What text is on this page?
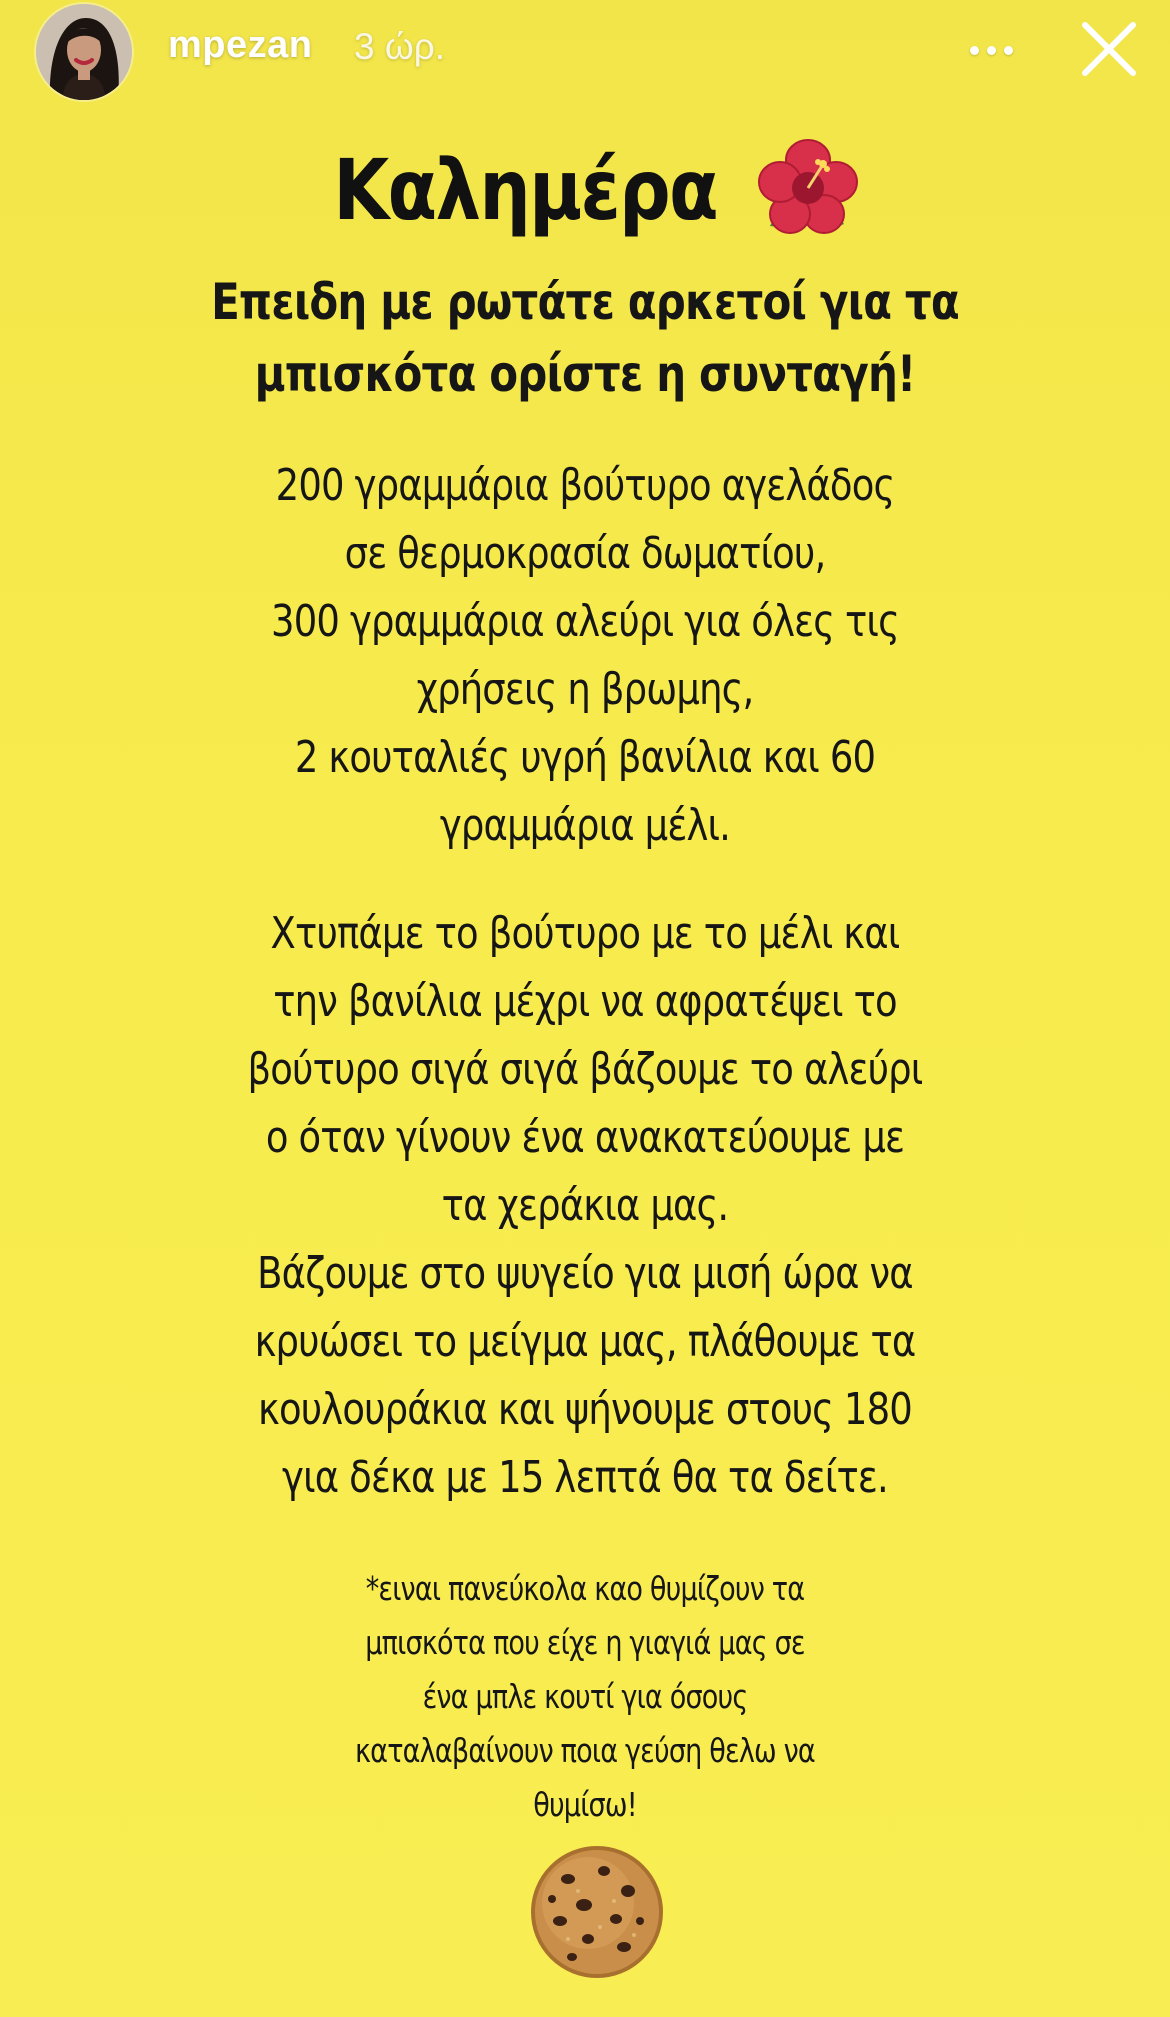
mpezan 3 ώρ.
Καλημέρα
Επειδη με ρωτάτε αρκετοί για τα
μπισκότα ορίστε η συνταγή!
200 γραμμάρια βούτυρο αγελάδος
σε θερμοκρασία δωματίου,
300 γραμμάρια αλεύρι για όλες τις
χρήσεις η βρωμης,
2 κουταλιές υγρή βανίλια και 60
γραμμάρια μέλι.
Χτυπάμε το βούτυρο με το μέλι και
την βανίλια μέχρι να αφρατέψει το
βούτυρο σιγά σιγά βάζουμε το αλεύρι
ο όταν γίνουν ένα ανακατεύουμε με
τα χεράκια μας.
Βάζουμε στο ψυγείο για μισή ώρα να
κρυώσει το μείγμα μας, πλάθουμε τα
κουλουράκια και ψήνουμε στους 180
για δέκα με 15 λεπτά θα τα δείτε.
*ειναι πανεύκολα καο θυμίζουν τα
μπισκότα που είχε η γιαγιά μας σε
ένα μπλε κουτί για όσους
καταλαβαίνουν ποια γεύση θελω να
θυμίσω!
